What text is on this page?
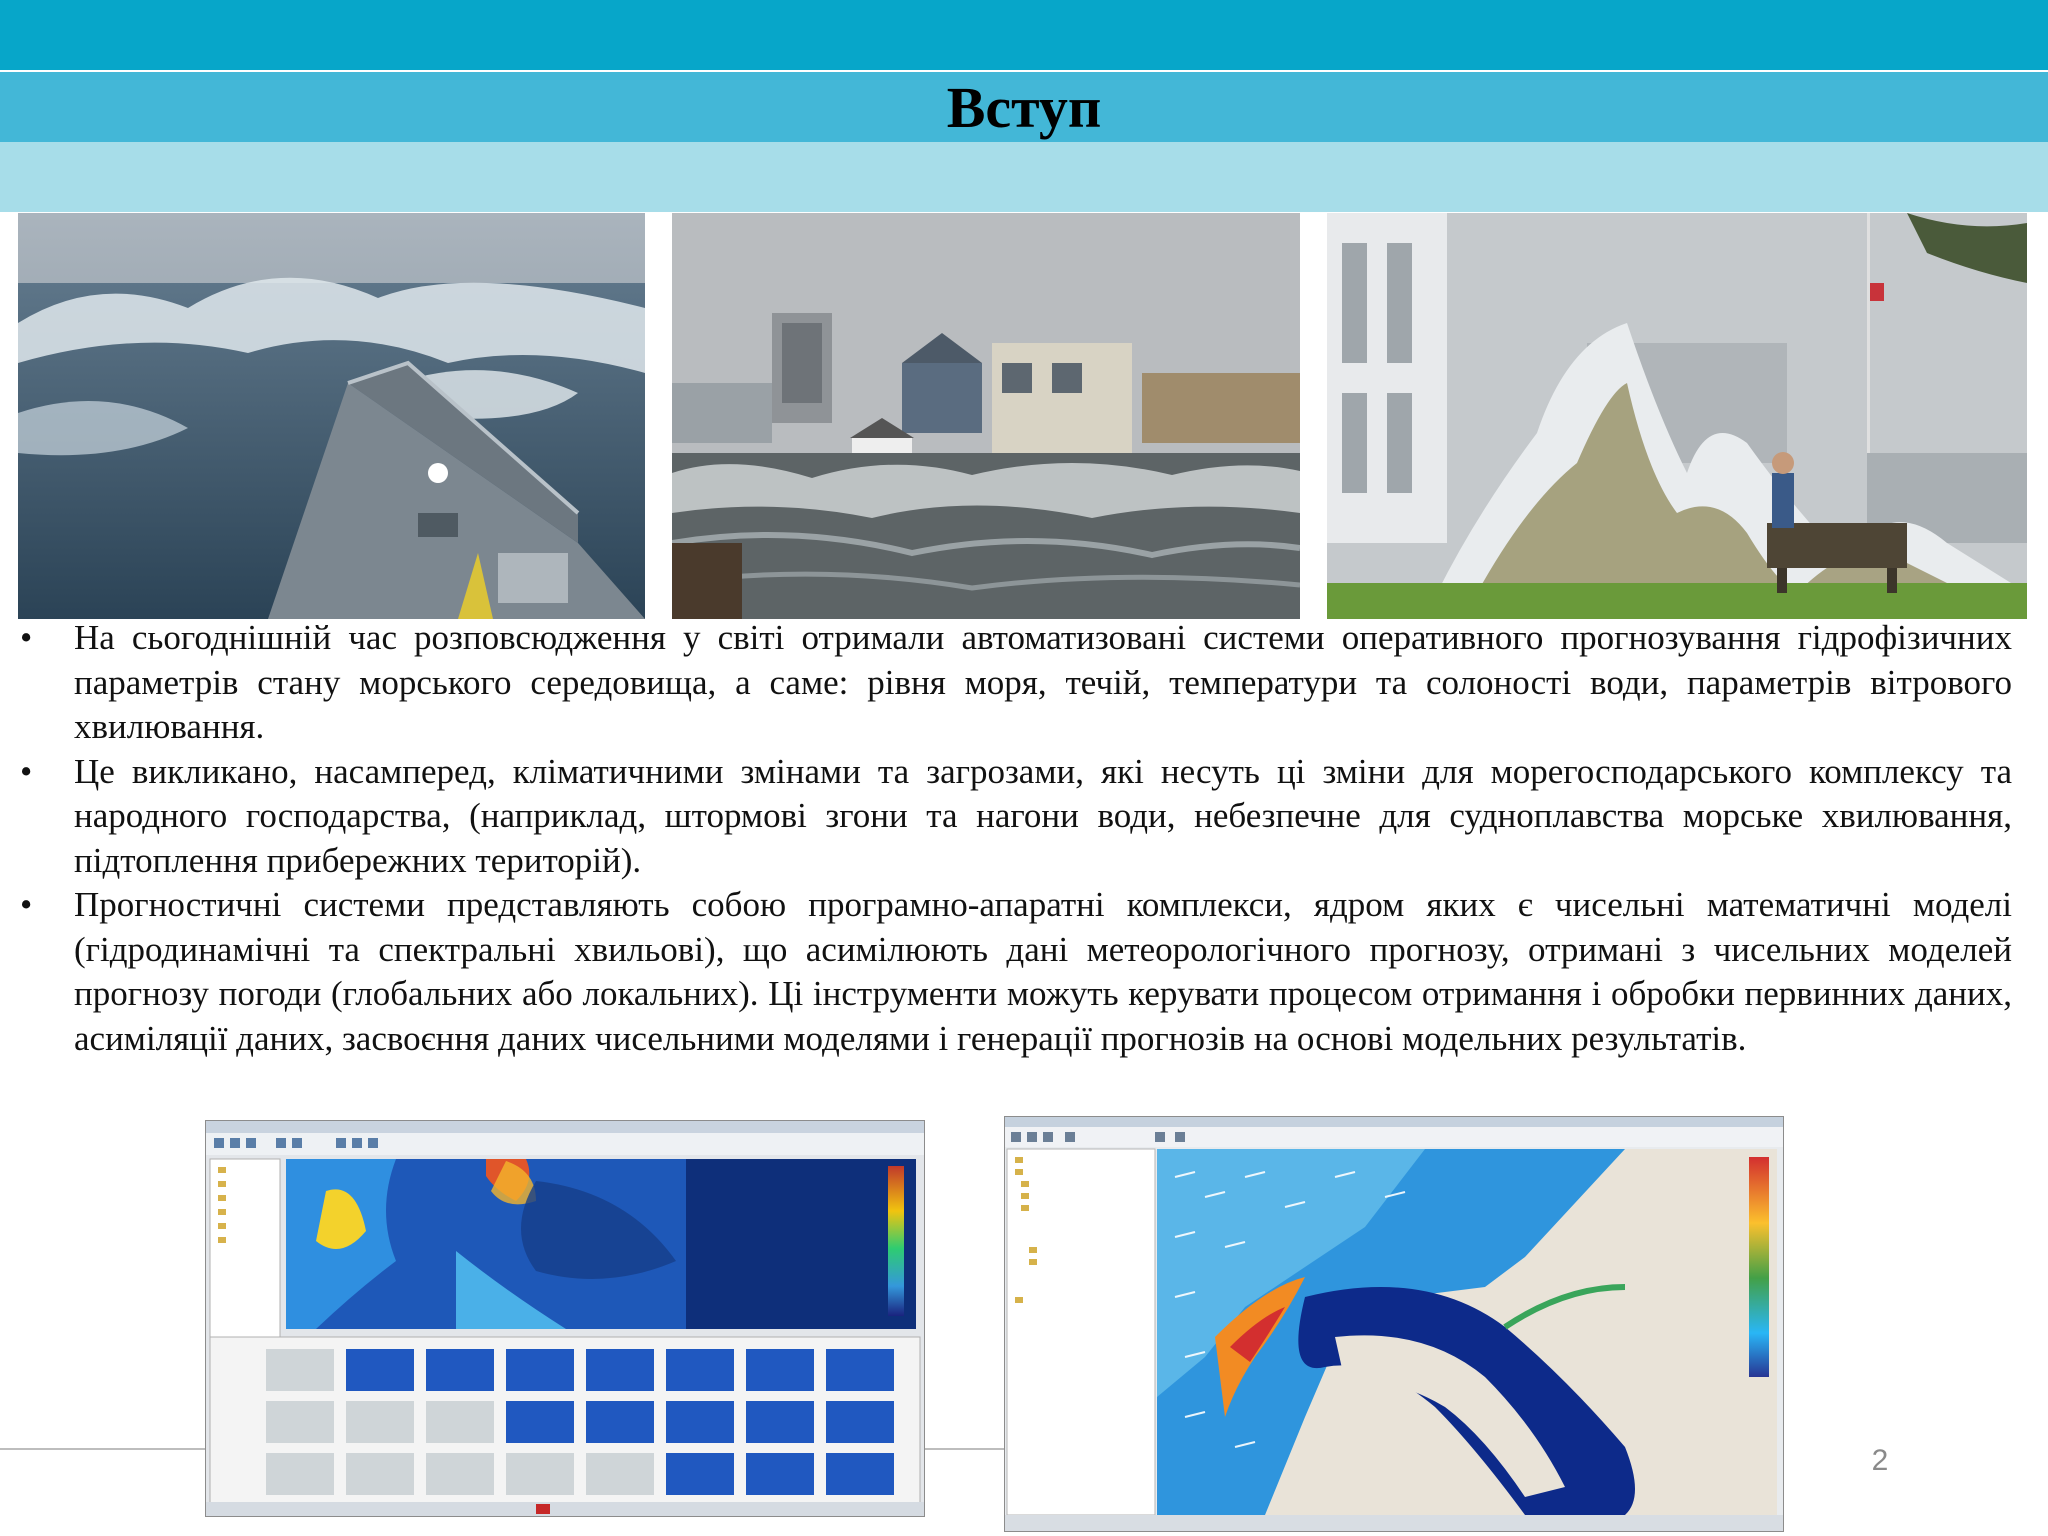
Вступ
•	На сьогоднішній час розповсюдження у світі отримали автоматизовані системи оперативного прогнозування гідрофізичних параметрів стану морського середовища, а саме: рівня моря, течій, температури та солоності води, параметрів вітрового хвилювання.
•	Це викликано, насамперед, кліматичними змінами та загрозами, які несуть ці зміни для морегосподарського комплексу та народного господарства, (наприклад, штормові згони та нагони води, небезпечне для судноплавства морське хвилювання, підтоплення прибережних територій).
•	Прогностичні системи представляють собою програмно-апаратні комплекси, ядром яких є чисельні математичні моделі (гідродинамічні та спектральні хвильові), що асимілюють дані метеорологічного прогнозу, отримані з чисельних моделей прогнозу погоди (глобальних або локальних). Ці інструменти можуть керувати процесом отримання і обробки первинних даних, асиміляції даних, засвоєння даних чисельними моделями і генерації прогнозів на основі модельних результатів.
2
